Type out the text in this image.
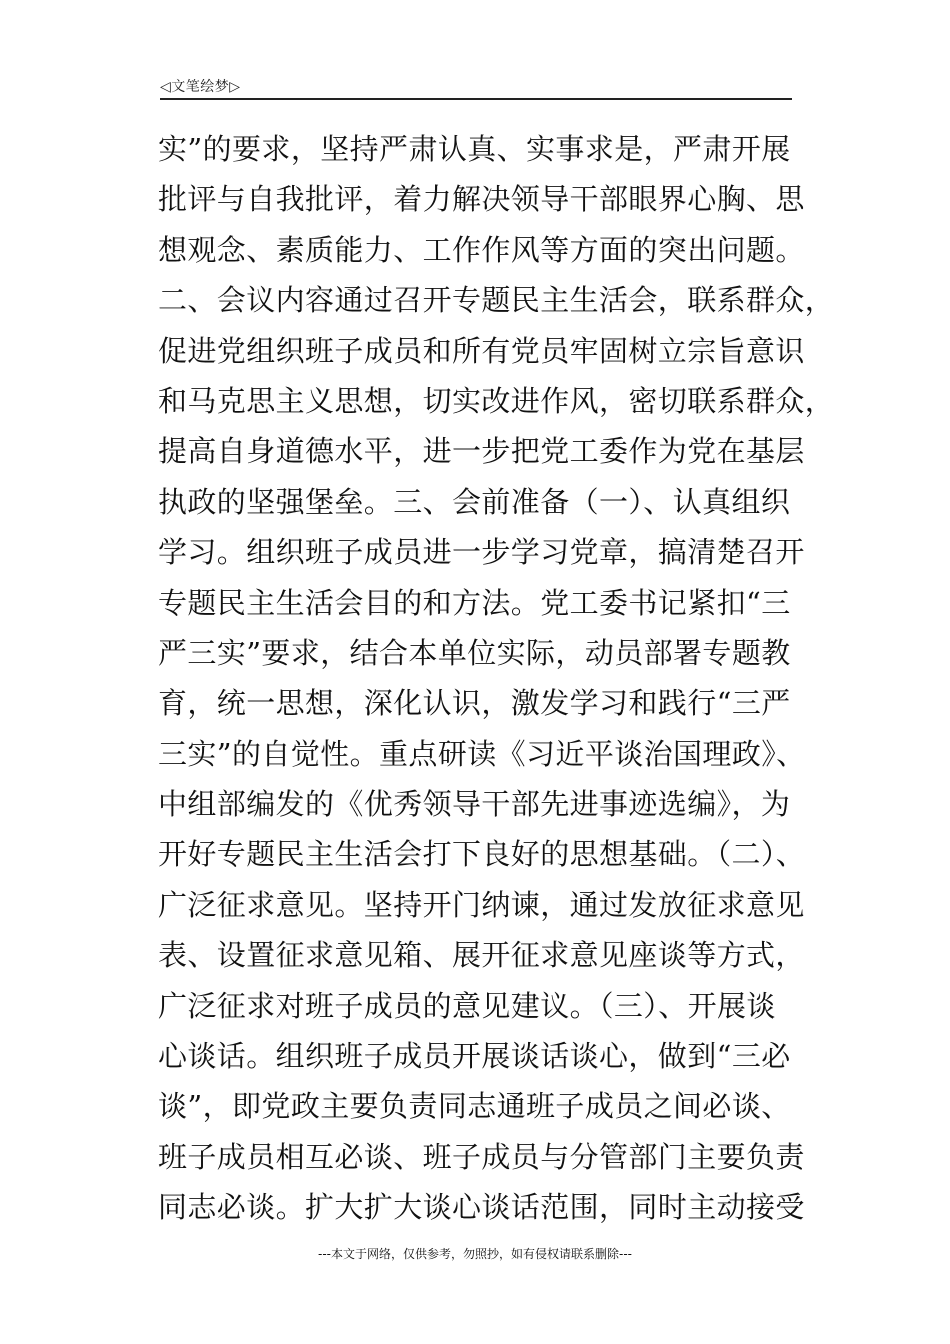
◁文笔绘梦▷
实”的要求，坚持严肃认真、实事求是，严肃开展
批评与自我批评，着力解决领导干部眼界心胸、思
想观念、素质能力、工作作风等方面的突出问题。
二、会议内容通过召开专题民主生活会，联系群众，
促进党组织班子成员和所有党员牢固树立宗旨意识
和马克思主义思想，切实改进作风，密切联系群众，
提高自身道德水平，进一步把党工委作为党在基层
执政的坚强堡垒。三、会前准备（一）、认真组织
学习。组织班子成员进一步学习党章，搞清楚召开
专题民主生活会目的和方法。党工委书记紧扣“三
严三实”要求，结合本单位实际，动员部署专题教
育，统一思想，深化认识，激发学习和践行“三严
三实”的自觉性。重点研读《习近平谈治国理政》、
中组部编发的《优秀领导干部先进事迹选编》，为
开好专题民主生活会打下良好的思想基础。（二）、
广泛征求意见。坚持开门纳谏，通过发放征求意见
表、设置征求意见箱、展开征求意见座谈等方式，
广泛征求对班子成员的意见建议。（三）、开展谈
心谈话。组织班子成员开展谈话谈心，做到“三必
谈”，即党政主要负责同志通班子成员之间必谈、
班子成员相互必谈、班子成员与分管部门主要负责
同志必谈。扩大扩大谈心谈话范围，同时主动接受
---本文于网络，仅供参考，勿照抄，如有侵权请联系删除---
